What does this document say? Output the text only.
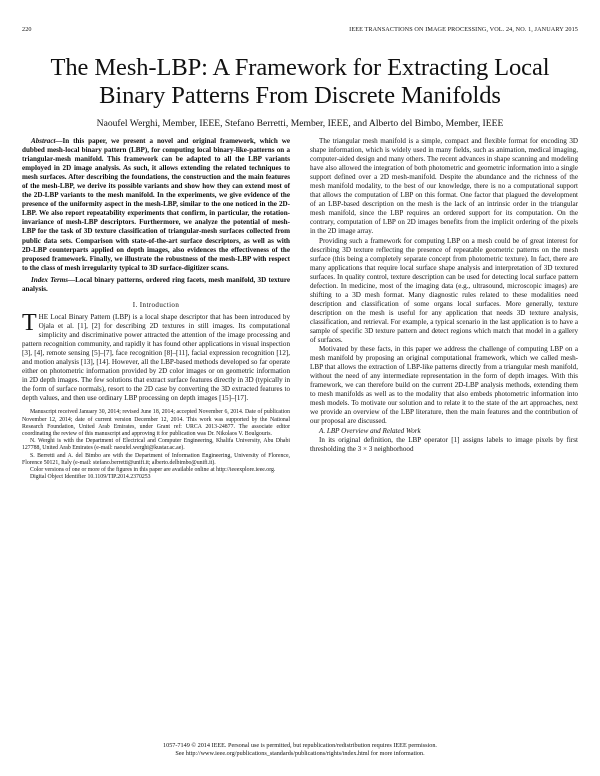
220	IEEE TRANSACTIONS ON IMAGE PROCESSING, VOL. 24, NO. 1, JANUARY 2015
The Mesh-LBP: A Framework for Extracting Local
Binary Patterns From Discrete Manifolds
Naoufel Werghi, Member, IEEE, Stefano Berretti, Member, IEEE, and Alberto del Bimbo, Member, IEEE

Abstract—In this paper, we present a novel and original framework, which we dubbed mesh-local binary pattern (LBP), for computing local binary-like-patterns on a triangular-mesh manifold. This framework can be adapted to all the LBP variants employed in 2D image analysis. As such, it allows extending the related techniques to mesh surfaces. After describing the foundations, the construction and the main features of the mesh-LBP, we derive its possible variants and show how they can extend most of the 2D-LBP variants to the mesh manifold. In the experiments, we give evidence of the presence of the uniformity aspect in the mesh-LBP, similar to the one noticed in the 2D-LBP. We also report repeatability experiments that confirm, in particular, the rotation-invariance of mesh-LBP descriptors. Furthermore, we analyze the potential of mesh-LBP for the task of 3D texture classification of triangular-mesh surfaces collected from public data sets. Comparison with state-of-the-art surface descriptors, as well as with 2D-LBP counterparts applied on depth images, also evidences the effectiveness of the proposed framework. Finally, we illustrate the robustness of the mesh-LBP with respect to the class of mesh irregularity typical to 3D surface-digitizer scans.

Index Terms—Local binary patterns, ordered ring facets, mesh manifold, 3D texture analysis.

I. Introduction

THE Local Binary Pattern (LBP) is a local shape descriptor that has been introduced by Ojala et al. [1], [2] for describing 2D textures in still images. Its computational simplicity and discriminative power attracted the attention of the image processing and pattern recognition community, and rapidly it has found other applications in visual inspection [3], [4], remote sensing [5]–[7], face recognition [8]–[11], facial expression recognition [12], and motion analysis [13], [14]. However, all the LBP-based methods developed so far operate either on photometric information provided by 2D color images or on geometric information in 2D depth images. The few solutions that extract surface features directly in 3D (typically in the form of surface normals), resort to the 2D case by converting the 3D extracted features to depth values, and then use ordinary LBP processing on depth images [15]–[17].

Manuscript received January 30, 2014; revised June 18, 2014; accepted November 6, 2014. Date of publication November 12, 2014; date of current version December 12, 2014. This work was supported by the National Research Foundation, United Arab Emirates, under Grant ref: URCA 2013-24877. The associate editor coordinating the review of this manuscript and approving it for publication was Dr. Nikolaos V. Boulgouris.

N. Werghi is with the Department of Electrical and Computer Engineering, Khalifa University, Abu Dhabi 127788, United Arab Emirates (e-mail: naoufel.werghi@kustar.ac.ae).

S. Berretti and A. del Bimbo are with the Department of Information Engineering, University of Florence, Florence 50121, Italy (e-mail: stefano.berretti@unifi.it; alberto.delbimbo@unifi.it).

Color versions of one or more of the figures in this paper are available online at http://ieeexplore.ieee.org.

Digital Object Identifier 10.1109/TIP.2014.2370253

The triangular mesh manifold is a simple, compact and flexible format for encoding 3D shape information, which is widely used in many fields, such as animation, medical imaging, computer-aided design and many others. The recent advances in shape scanning and modeling have also allowed the integration of both photometric and geometric information into a single support defined over a 2D mesh-manifold. Despite the abundance and the richness of the mesh manifold modality, to the best of our knowledge, there is no a computational support that allows the computation of LBP on this format. One factor that plagued the development of an LBP-based description on the mesh is the lack of an intrinsic order in the triangular mesh manifold, since the LBP requires an ordered support for its computation. On the contrary, computation of LBP on 2D images benefits from the implicit ordering of the pixels in the 2D image array.

Providing such a framework for computing LBP on a mesh could be of great interest for describing 3D texture reflecting the presence of repeatable geometric patterns on the mesh surface (this being a completely separate concept from photometric texture). In fact, there are many applications that require local surface shape analysis and interpretation of 3D textured surfaces. In quality control, texture description can be used for detecting local surface pattern defection. In medicine, most of the imaging data (e.g., ultrasound, microscopic images) are shifting to a 3D mesh format. Many diagnostic rules related to these modalities need description and classification of some organs local surfaces. More generally, texture description on the mesh is useful for any application that needs 3D texture analysis, classification, and retrieval. For example, a typical scenario in the last application is to have a sample of specific 3D texture pattern and detect regions which match that model in a gallery of surfaces.

Motivated by these facts, in this paper we address the challenge of computing LBP on a mesh manifold by proposing an original computational framework, which we called mesh-LBP that allows the extraction of LBP-like patterns directly from a triangular mesh manifold, without the need of any intermediate representation in the form of depth images. With this framework, we can therefore build on the current 2D-LBP analysis methods, extending them to mesh manifolds as well as to the modality that also embeds photometric information into mesh models. To motivate our solution and to relate it to the state of the art approaches, next we provide an overview of the LBP literature, then the main features and the contribution of our proposal are discussed.

A. LBP Overview and Related Work

In its original definition, the LBP operator [1] assigns labels to image pixels by first thresholding the 3 × 3 neighborhood

1057-7149 © 2014 IEEE. Personal use is permitted, but republication/redistribution requires IEEE permission.
See http://www.ieee.org/publications_standards/publications/rights/index.html for more information.
